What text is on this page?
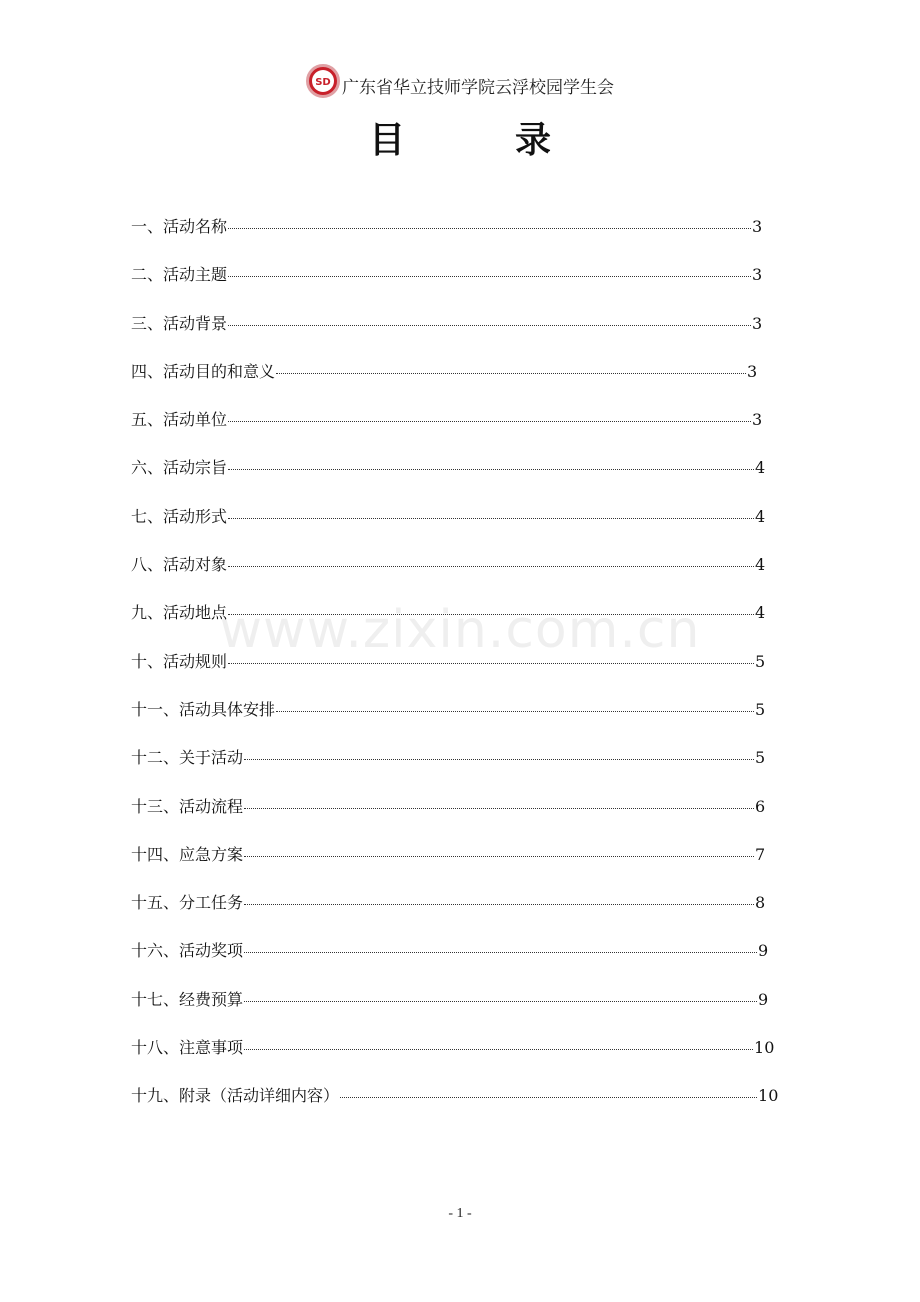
SD 广东省华立技师学院云浮校园学生会
目	录
一、活动名称	3
二、活动主题	3
三、活动背景	3
四、活动目的和意义	3
五、活动单位	3
六、活动宗旨	4
七、活动形式	4
八、活动对象	4
九、活动地点	4
十、活动规则	5
十一、活动具体安排	5
十二、关于活动	5
十三、活动流程	6
十四、应急方案	7
十五、分工任务	8
十六、活动奖项	9
十七、经费预算	9
十八、注意事项	10
十九、附录（活动详细内容）	10
www.zixin.com.cn
- 1 -
